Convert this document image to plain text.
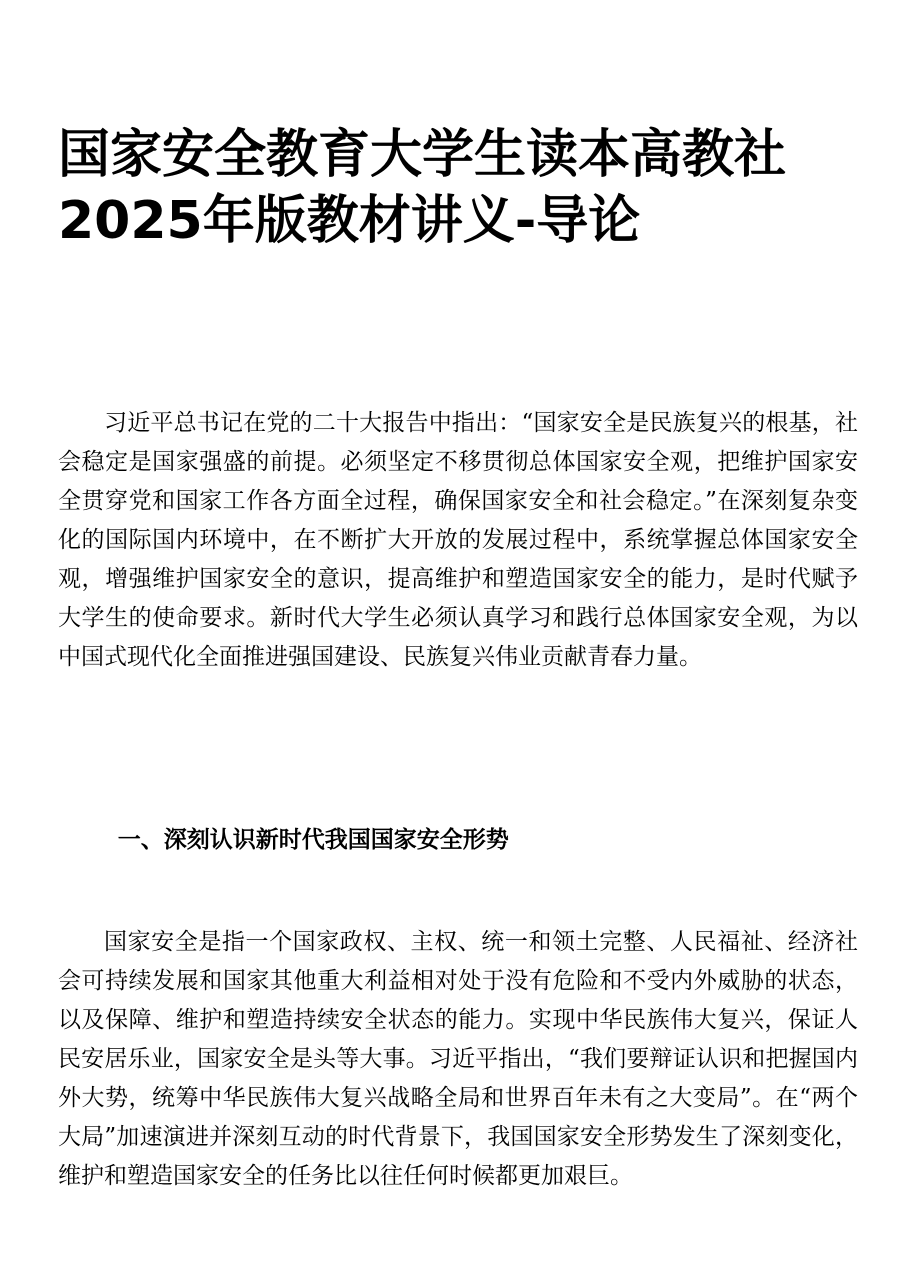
国家安全教育大学生读本高教社
2025年版教材讲义-导论

习近平总书记在党的二十大报告中指出：“国家安全是民族复兴的根基，社会稳定是国家强盛的前提。必须坚定不移贯彻总体国家安全观，把维护国家安全贯穿党和国家工作各方面全过程，确保国家安全和社会稳定。”在深刻复杂变化的国际国内环境中，在不断扩大开放的发展过程中，系统掌握总体国家安全观，增强维护国家安全的意识，提高维护和塑造国家安全的能力，是时代赋予大学生的使命要求。新时代大学生必须认真学习和践行总体国家安全观，为以中国式现代化全面推进强国建设、民族复兴伟业贡献青春力量。

一、深刻认识新时代我国国家安全形势

国家安全是指一个国家政权、主权、统一和领土完整、人民福祉、经济社会可持续发展和国家其他重大利益相对处于没有危险和不受内外威胁的状态，以及保障、维护和塑造持续安全状态的能力。实现中华民族伟大复兴，保证人民安居乐业，国家安全是头等大事。习近平指出，“我们要辩证认识和把握国内外大势，统筹中华民族伟大复兴战略全局和世界百年未有之大变局”。在“两个大局”加速演进并深刻互动的时代背景下，我国国家安全形势发生了深刻变化，维护和塑造国家安全的任务比以往任何时候都更加艰巨。
